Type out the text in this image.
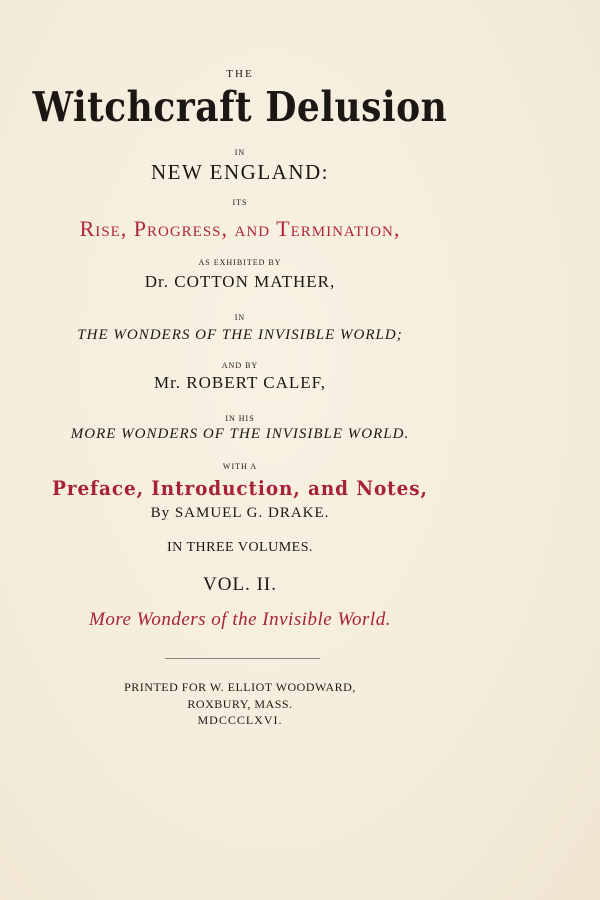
THE
Witchcraft Delusion
IN
NEW ENGLAND:
ITS
Rise, Progress, and Termination,
AS EXHIBITED BY
Dr. COTTON MATHER,
IN
THE WONDERS OF THE INVISIBLE WORLD;
AND BY
Mr. ROBERT CALEF,
IN HIS
MORE WONDERS OF THE INVISIBLE WORLD.
WITH A
Preface, Introduction, and Notes,
By SAMUEL G. DRAKE.
IN THREE VOLUMES.
VOL. II.
More Wonders of the Invisible World.
PRINTED FOR W. ELLIOT WOODWARD,
ROXBURY, MASS.
MDCCCLXVI.
